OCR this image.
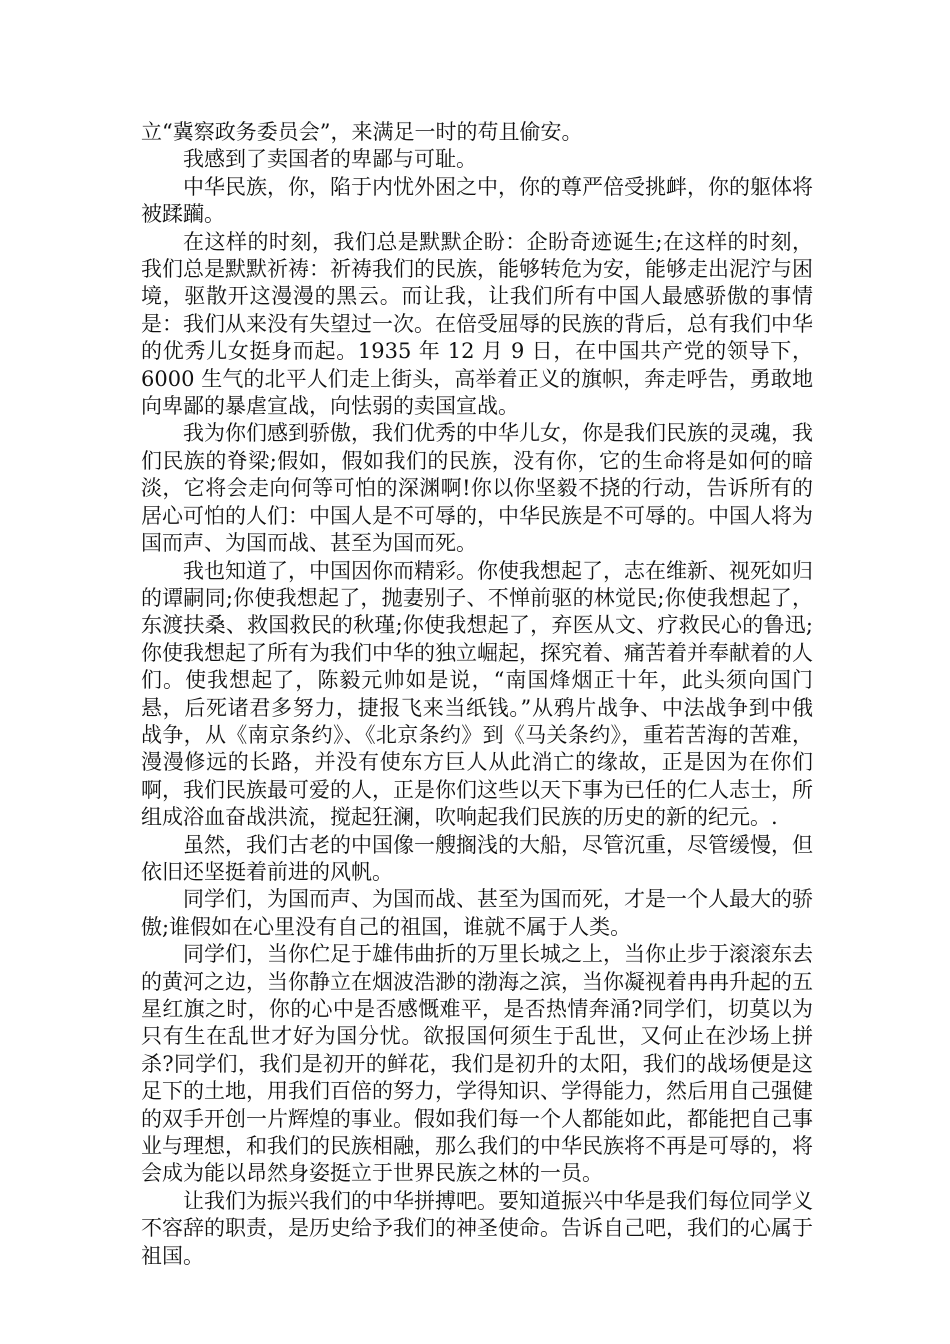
立“冀察政务委员会”，来满足一时的苟且偷安。

我感到了卖国者的卑鄙与可耻。

中华民族，你，陷于内忧外困之中，你的尊严倍受挑衅，你的躯体将被蹂躏。

在这样的时刻，我们总是默默企盼：企盼奇迹诞生;在这样的时刻，我们总是默默祈祷：祈祷我们的民族，能够转危为安，能够走出泥泞与困境，驱散开这漫漫的黑云。而让我，让我们所有中国人最感骄傲的事情是：我们从来没有失望过一次。在倍受屈辱的民族的背后，总有我们中华的优秀儿女挺身而起。1935 年 12 月 9 日，在中国共产党的领导下，6000 生气的北平人们走上街头，高举着正义的旗帜，奔走呼告，勇敢地向卑鄙的暴虐宣战，向怯弱的卖国宣战。

我为你们感到骄傲，我们优秀的中华儿女，你是我们民族的灵魂，我们民族的脊梁;假如，假如我们的民族，没有你，它的生命将是如何的暗淡，它将会走向何等可怕的深渊啊!你以你坚毅不挠的行动，告诉所有的居心可怕的人们：中国人是不可辱的，中华民族是不可辱的。中国人将为国而声、为国而战、甚至为国而死。

我也知道了，中国因你而精彩。你使我想起了，志在维新、视死如归的谭嗣同;你使我想起了，抛妻别子、不惮前驱的林觉民;你使我想起了，东渡扶桑、救国救民的秋瑾;你使我想起了，弃医从文、疗救民心的鲁迅;你使我想起了所有为我们中华的独立崛起，探究着、痛苦着并奉献着的人们。使我想起了，陈毅元帅如是说，“南国烽烟正十年，此头须向国门悬，后死诸君多努力，捷报飞来当纸钱。”从鸦片战争、中法战争到中俄战争，从《南京条约》、《北京条约》到《马关条约》，重若苦海的苦难，漫漫修远的长路，并没有使东方巨人从此消亡的缘故，正是因为在你们啊，我们民族最可爱的人，正是你们这些以天下事为已任的仁人志士，所组成浴血奋战洪流，搅起狂澜，吹响起我们民族的历史的新的纪元。.

虽然，我们古老的中国像一艘搁浅的大船，尽管沉重，尽管缓慢，但依旧还坚挺着前进的风帆。

同学们，为国而声、为国而战、甚至为国而死，才是一个人最大的骄傲;谁假如在心里没有自己的祖国，谁就不属于人类。

同学们，当你伫足于雄伟曲折的万里长城之上，当你止步于滚滚东去的黄河之边，当你静立在烟波浩渺的渤海之滨，当你凝视着冉冉升起的五星红旗之时，你的心中是否感慨难平，是否热情奔涌?同学们，切莫以为只有生在乱世才好为国分忧。欲报国何须生于乱世，又何止在沙场上拼杀?同学们，我们是初开的鲜花，我们是初升的太阳，我们的战场便是这足下的土地，用我们百倍的努力，学得知识、学得能力，然后用自己强健的双手开创一片辉煌的事业。假如我们每一个人都能如此，都能把自己事业与理想，和我们的民族相融，那么我们的中华民族将不再是可辱的，将会成为能以昂然身姿挺立于世界民族之林的一员。

让我们为振兴我们的中华拼搏吧。要知道振兴中华是我们每位同学义不容辞的职责，是历史给予我们的神圣使命。告诉自己吧，我们的心属于祖国。
